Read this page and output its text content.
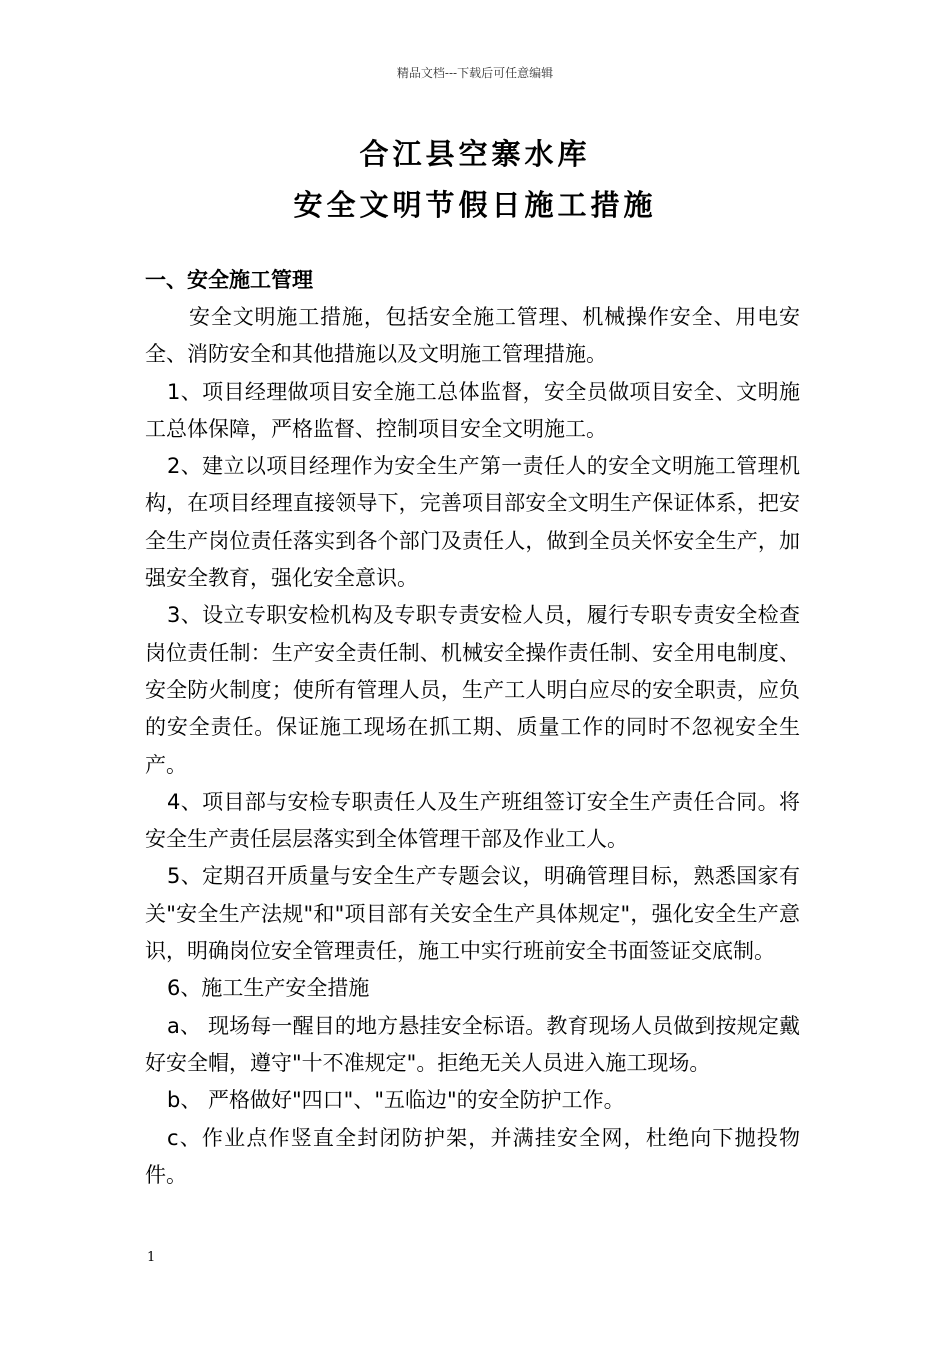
精品文档---下载后可任意编辑
合江县空寨水库
安全文明节假日施工措施
一、安全施工管理

安全文明施工措施，包括安全施工管理、机械操作安全、用电安全、消防安全和其他措施以及文明施工管理措施。

1、项目经理做项目安全施工总体监督，安全员做项目安全、文明施工总体保障，严格监督、控制项目安全文明施工。

2、建立以项目经理作为安全生产第一责任人的安全文明施工管理机构，在项目经理直接领导下，完善项目部安全文明生产保证体系，把安全生产岗位责任落实到各个部门及责任人，做到全员关怀安全生产，加强安全教育，强化安全意识。

3、设立专职安检机构及专职专责安检人员，履行专职专责安全检查岗位责任制：生产安全责任制、机械安全操作责任制、安全用电制度、安全防火制度；使所有管理人员，生产工人明白应尽的安全职责，应负的安全责任。保证施工现场在抓工期、质量工作的同时不忽视安全生产。

4、项目部与安检专职责任人及生产班组签订安全生产责任合同。将安全生产责任层层落实到全体管理干部及作业工人。

5、定期召开质量与安全生产专题会议，明确管理目标，熟悉国家有关"安全生产法规"和"项目部有关安全生产具体规定"，强化安全生产意识，明确岗位安全管理责任，施工中实行班前安全书面签证交底制。

6、施工生产安全措施

a、 现场每一醒目的地方悬挂安全标语。教育现场人员做到按规定戴好安全帽，遵守"十不准规定"。拒绝无关人员进入施工现场。

b、 严格做好"四口"、"五临边"的安全防护工作。

c、作业点作竖直全封闭防护架，并满挂安全网，杜绝向下抛投物件。

1
